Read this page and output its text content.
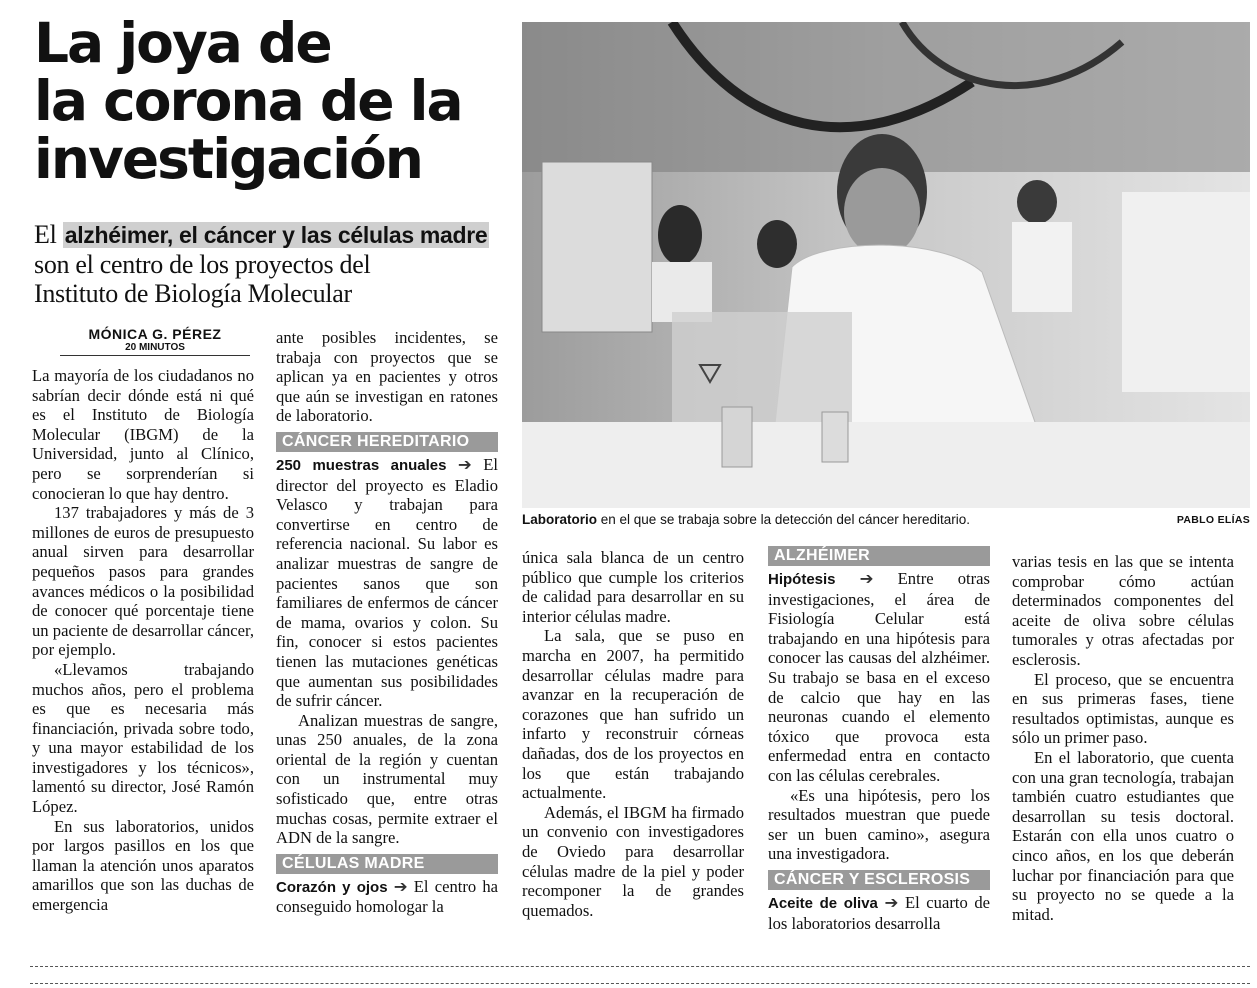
La joya de
la corona de la
investigación
El alzhéimer, el cáncer y las células madre
son el centro de los proyectos del
Instituto de Biología Molecular
MÓNICA G. PÉREZ
20 MINUTOS
Laboratorio en el que se trabaja sobre la detección del cáncer hereditario.	PABLO ELÍAS

La mayoría de los ciudadanos no sabrían decir dónde está ni qué es el Instituto de Biología Molecular (IBGM) de la Universidad, junto al Clínico, pero se sorprenderían si conocieran lo que hay dentro.

137 trabajadores y más de 3 millones de euros de presupuesto anual sirven para desarrollar pequeños pasos para grandes avances médicos o la posibilidad de conocer qué porcentaje tiene un paciente de desarrollar cáncer, por ejemplo.

«Llevamos trabajando muchos años, pero el problema es que es necesaria más financiación, privada sobre todo, y una mayor estabilidad de los investigadores y los técnicos», lamentó su director, José Ramón López.

En sus laboratorios, unidos por largos pasillos en los que llaman la atención unos aparatos amarillos que son las duchas de emergencia

ante posibles incidentes, se trabaja con proyectos que se aplican ya en pacientes y otros que aún se investigan en ratones de laboratorio.

CÁNCER HEREDITARIO

250 muestras anuales ➔ El director del proyecto es Eladio Velasco y trabajan para convertirse en centro de referencia nacional. Su labor es analizar muestras de sangre de pacientes sanos que son familiares de enfermos de cáncer de mama, ovarios y colon. Su fin, conocer si estos pacientes tienen las mutaciones genéticas que aumentan sus posibilidades de sufrir cáncer.

Analizan muestras de sangre, unas 250 anuales, de la zona oriental de la región y cuentan con un instrumental muy sofisticado que, entre otras muchas cosas, permite extraer el ADN de la sangre.

CÉLULAS MADRE

Corazón y ojos ➔ El centro ha conseguido homologar la

única sala blanca de un centro público que cumple los criterios de calidad para desarrollar en su interior células madre.

La sala, que se puso en marcha en 2007, ha permitido desarrollar células madre para avanzar en la recuperación de corazones que han sufrido un infarto y reconstruir córneas dañadas, dos de los proyectos en los que están trabajando actualmente.

Además, el IBGM ha firmado un convenio con investigadores de Oviedo para desarrollar células madre de la piel y poder recomponer la de grandes quemados.

ALZHÉIMER

Hipótesis ➔ Entre otras investigaciones, el área de Fisiología Celular está trabajando en una hipótesis para conocer las causas del alzhéimer. Su trabajo se basa en el exceso de calcio que hay en las neuronas cuando el elemento tóxico que provoca esta enfermedad entra en contacto con las células cerebrales.

«Es una hipótesis, pero los resultados muestran que puede ser un buen camino», asegura una investigadora.

CÁNCER Y ESCLEROSIS

Aceite de oliva ➔ El cuarto de los laboratorios desarrolla

varias tesis en las que se intenta comprobar cómo actúan determinados componentes del aceite de oliva sobre células tumorales y otras afectadas por esclerosis.

El proceso, que se encuentra en sus primeras fases, tiene resultados optimistas, aunque es sólo un primer paso.

En el laboratorio, que cuenta con una gran tecnología, trabajan también cuatro estudiantes que desarrollan su tesis doctoral. Estarán con ella unos cuatro o cinco años, en los que deberán luchar por financiación para que su proyecto no se quede a la mitad.
